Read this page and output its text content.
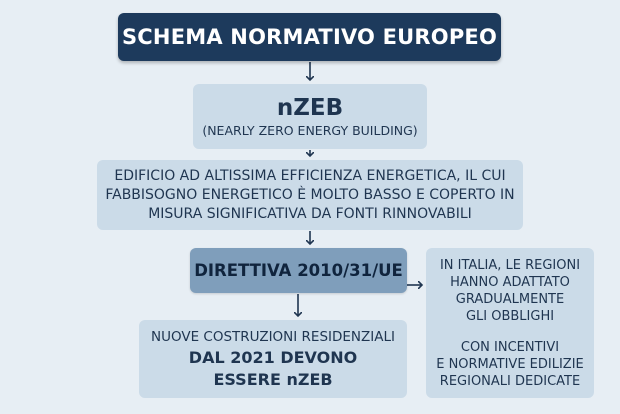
SCHEMA NORMATIVO EUROPEO
nZEB
(NEARLY ZERO ENERGY BUILDING)
EDIFICIO AD ALTISSIMA EFFICIENZA ENERGETICA, IL CUI
FABBISOGNO ENERGETICO È MOLTO BASSO E COPERTO IN
MISURA SIGNIFICATIVA DA FONTI RINNOVABILI
DIRETTIVA 2010/31/UE
NUOVE COSTRUZIONI RESIDENZIALI
DAL 2021 DEVONO
ESSERE nZEB
IN ITALIA, LE REGIONI
HANNO ADATTATO
GRADUALMENTE
GLI OBBLIGHI
CON INCENTIVI
E NORMATIVE EDILIZIE
REGIONALI DEDICATE
